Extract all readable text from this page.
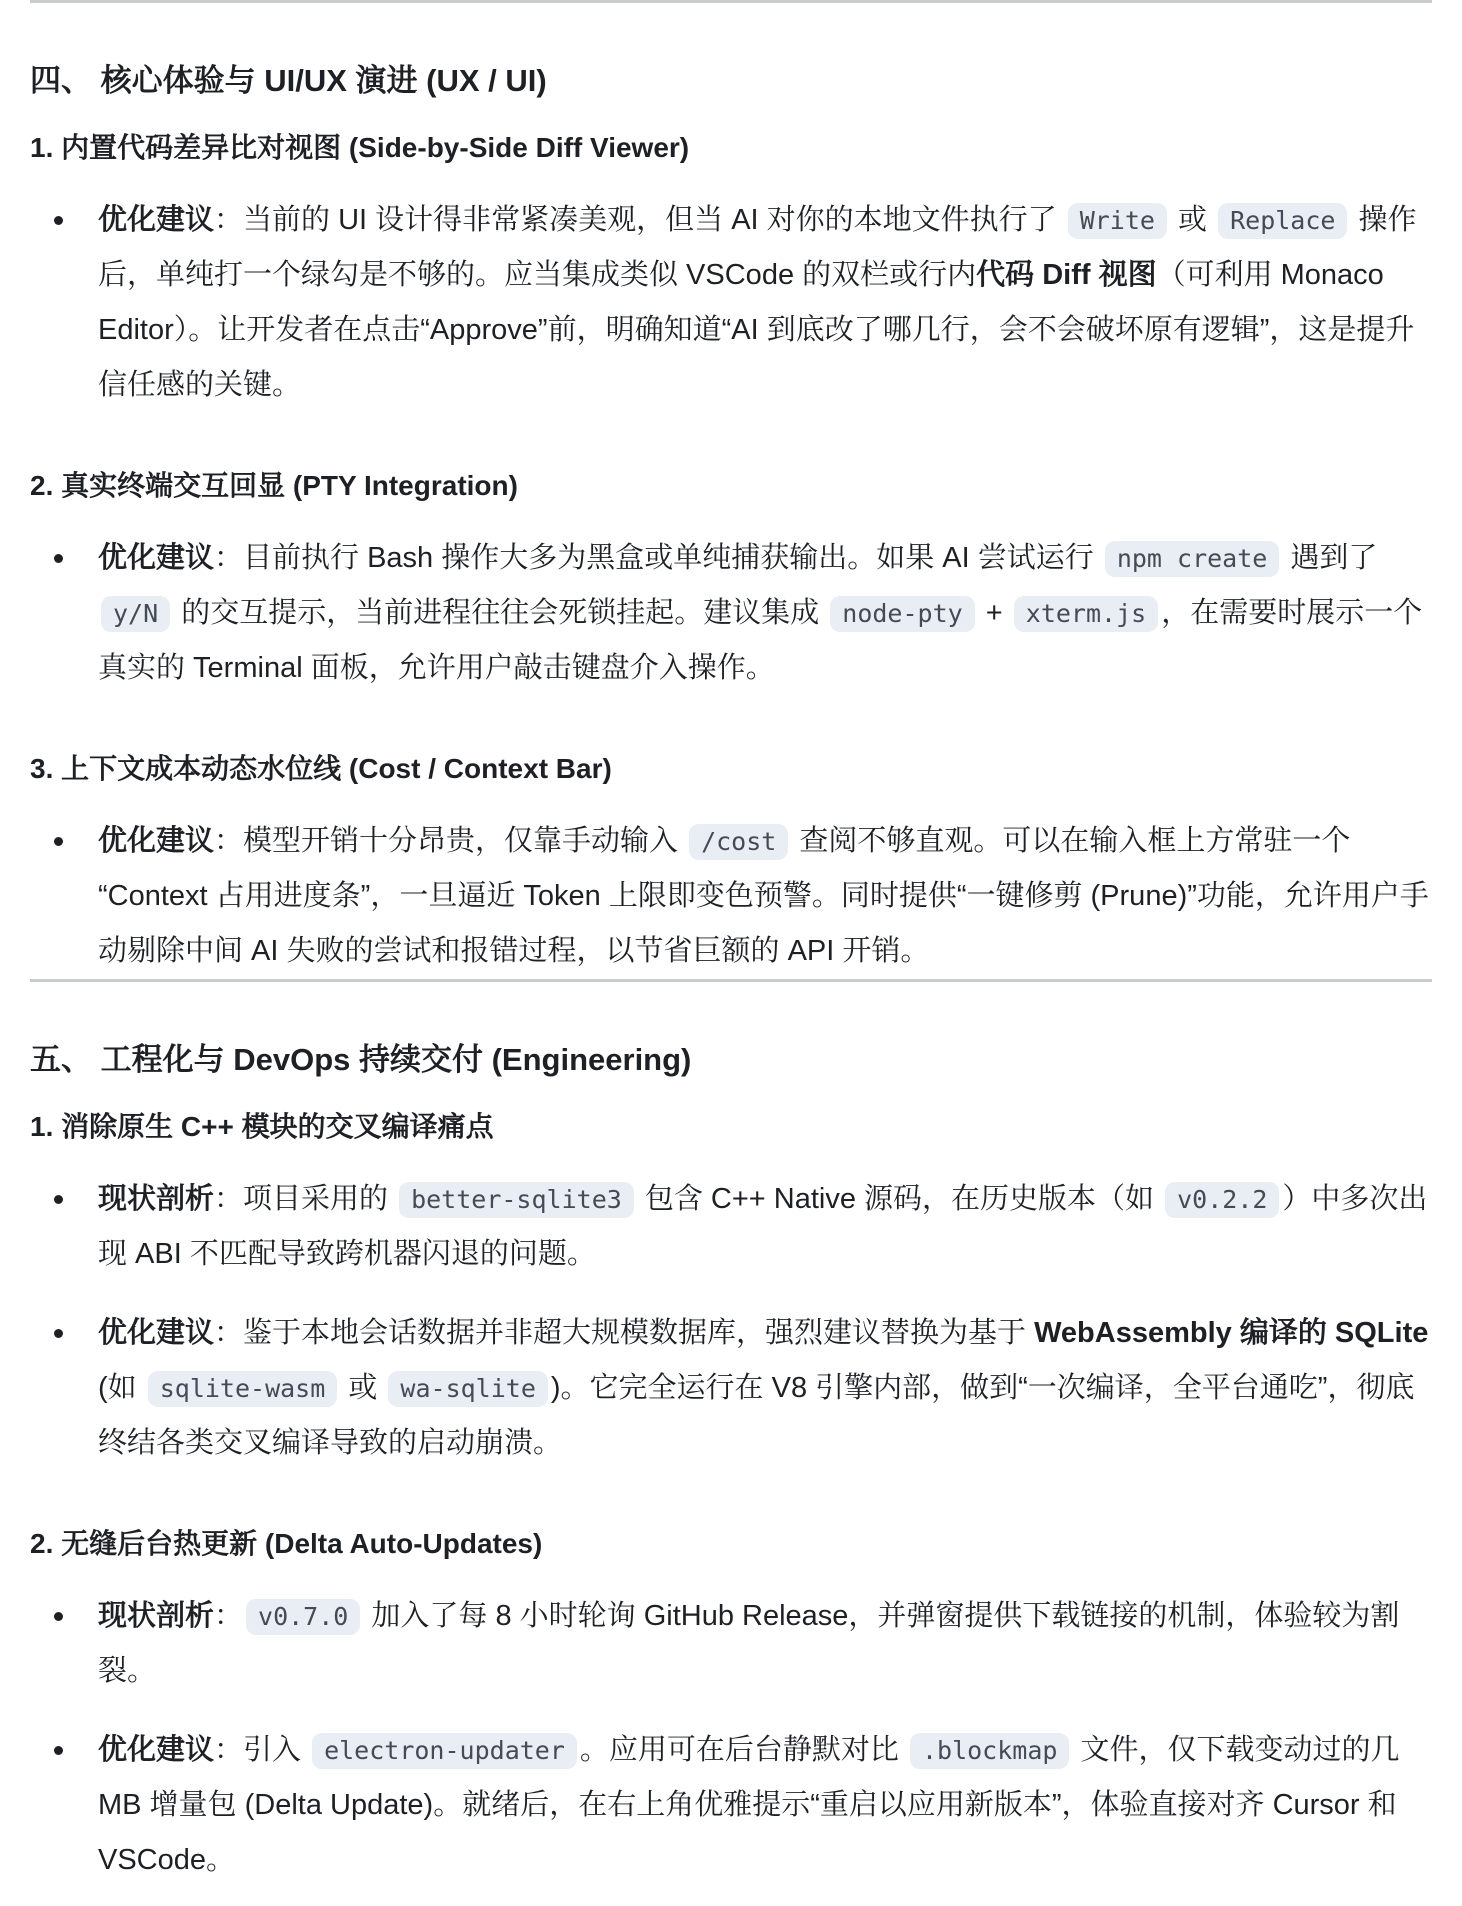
四、 核心体验与 UI/UX 演进 (UX / UI)
1. 内置代码差异比对视图 (Side-by-Side Diff Viewer)
优化建议：当前的 UI 设计得非常紧凑美观，但当 AI 对你的本地文件执行了 Write 或 Replace 操作后，单纯打一个绿勾是不够的。应当集成类似 VSCode 的双栏或行内代码 Diff 视图（可利用 Monaco Editor）。让开发者在点击“Approve”前，明确知道“AI 到底改了哪几行，会不会破坏原有逻辑”，这是提升信任感的关键。
2. 真实终端交互回显 (PTY Integration)
优化建议：目前执行 Bash 操作大多为黑盒或单纯捕获输出。如果 AI 尝试运行 npm create 遇到了 y/N 的交互提示，当前进程往往会死锁挂起。建议集成 node-pty + xterm.js ，在需要时展示一个真实的 Terminal 面板，允许用户敲击键盘介入操作。
3. 上下文成本动态水位线 (Cost / Context Bar)
优化建议：模型开销十分昂贵，仅靠手动输入 /cost 查阅不够直观。可以在输入框上方常驻一个“Context 占用进度条”，一旦逼近 Token 上限即变色预警。同时提供“一键修剪 (Prune)”功能，允许用户手动剔除中间 AI 失败的尝试和报错过程，以节省巨额的 API 开销。
五、 工程化与 DevOps 持续交付 (Engineering)
1. 消除原生 C++ 模块的交叉编译痛点
现状剖析：项目采用的 better-sqlite3 包含 C++ Native 源码，在历史版本（如 v0.2.2 ）中多次出现 ABI 不匹配导致跨机器闪退的问题。
优化建议：鉴于本地会话数据并非超大规模数据库，强烈建议替换为基于 WebAssembly 编译的 SQLite (如 sqlite-wasm 或 wa-sqlite )。它完全运行在 V8 引擎内部，做到“一次编译，全平台通吃”，彻底终结各类交叉编译导致的启动崩溃。
2. 无缝后台热更新 (Delta Auto-Updates)
现状剖析： v0.7.0 加入了每 8 小时轮询 GitHub Release，并弹窗提供下载链接的机制，体验较为割裂。
优化建议：引入 electron-updater 。应用可在后台静默对比 .blockmap 文件，仅下载变动过的几 MB 增量包 (Delta Update)。就绪后，在右上角优雅提示“重启以应用新版本”，体验直接对齐 Cursor 和 VSCode。
